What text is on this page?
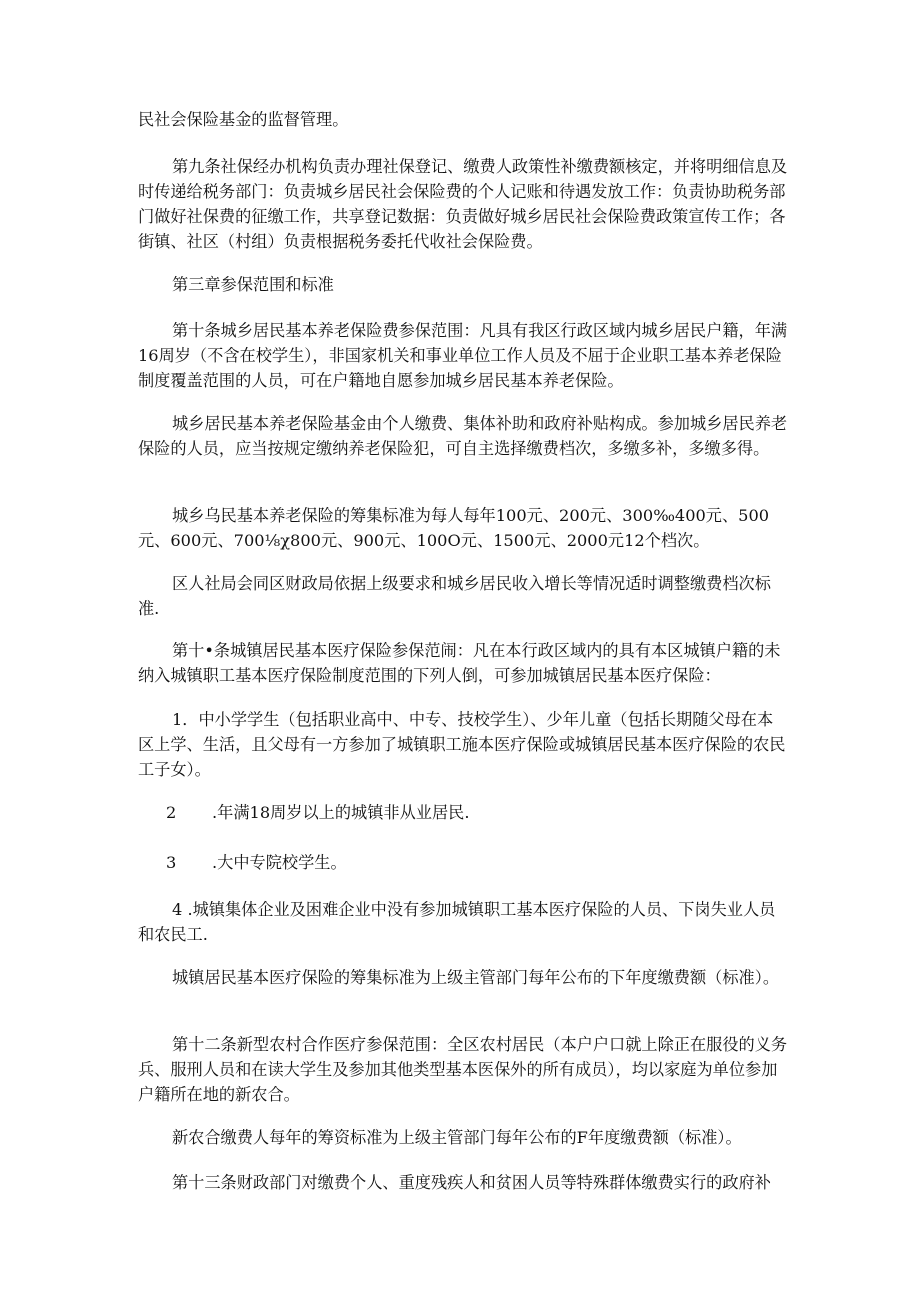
民社会保险基金的监督管理。

第九条社保经办机构负责办理社保登记、缴费人政策性补缴费额核定，并将明细信息及时传递给税务部门：负责城乡居民社会保险费的个人记账和待遇发放工作：负责协助税务部门做好社保费的征缴工作，共享登记数据：负责做好城乡居民社会保险费政策宣传工作；各街镇、社区（村组）负责根据税务委托代收社会保险费。

第三章参保范围和标准

第十条城乡居民基本养老保险费参保范围：凡具有我区行政区域内城乡居民户籍，年满16周岁（不含在校学生），非国家机关和事业单位工作人员及不屈于企业职工基本养老保险制度覆盖范围的人员，可在户籍地自愿参加城乡居民基本养老保险。

城乡居民基本养老保险基金由个人缴费、集体补助和政府补贴构成。参加城乡居民养老保险的人员，应当按规定缴纳养老保险犯，可自主选择缴费档次，多缴多补，多缴多得。

城乡乌民基本养老保险的筹集标准为每人每年100元、200元、300‰400元、500元、600元、700⅛χ800元、900元、100O元、1500元、2000元12个档次。

区人社局会同区财政局依据上级要求和城乡居民收入增长等情况适时调整缴费档次标准.

第十•条城镇居民基本医疗保险参保范闹：凡在本行政区域内的具有本区城镇户籍的未纳入城镇职工基本医疗保险制度范围的下列人倒，可参加城镇居民基本医疗保险：

1．中小学学生（包括职业高中、中专、技校学生）、少年儿童（包括长期随父母在本区上学、生活，且父母有一方参加了城镇职工施本医疗保险或城镇居民基本医疗保险的农民工子女）。

2 .年满18周岁以上的城镇非从业居民.

3 .大中专院校学生。

4 .城镇集体企业及困难企业中没有参加城镇职工基本医疗保险的人员、下岗失业人员和农民工.

城镇居民基本医疗保险的筹集标准为上级主管部门每年公布的下年度缴费额（标准）。

第十二条新型农村合作医疗参保范围：全区农村居民（本户户口就上除正在服役的义务兵、服刑人员和在读大学生及参加其他类型基本医保外的所有成员），均以家庭为单位参加户籍所在地的新农合。

新农合缴费人每年的筹资标准为上级主管部门每年公布的F年度缴费额（标准）。

第十三条财政部门对缴费个人、重度残疾人和贫困人员等特殊群体缴费实行的政府补
